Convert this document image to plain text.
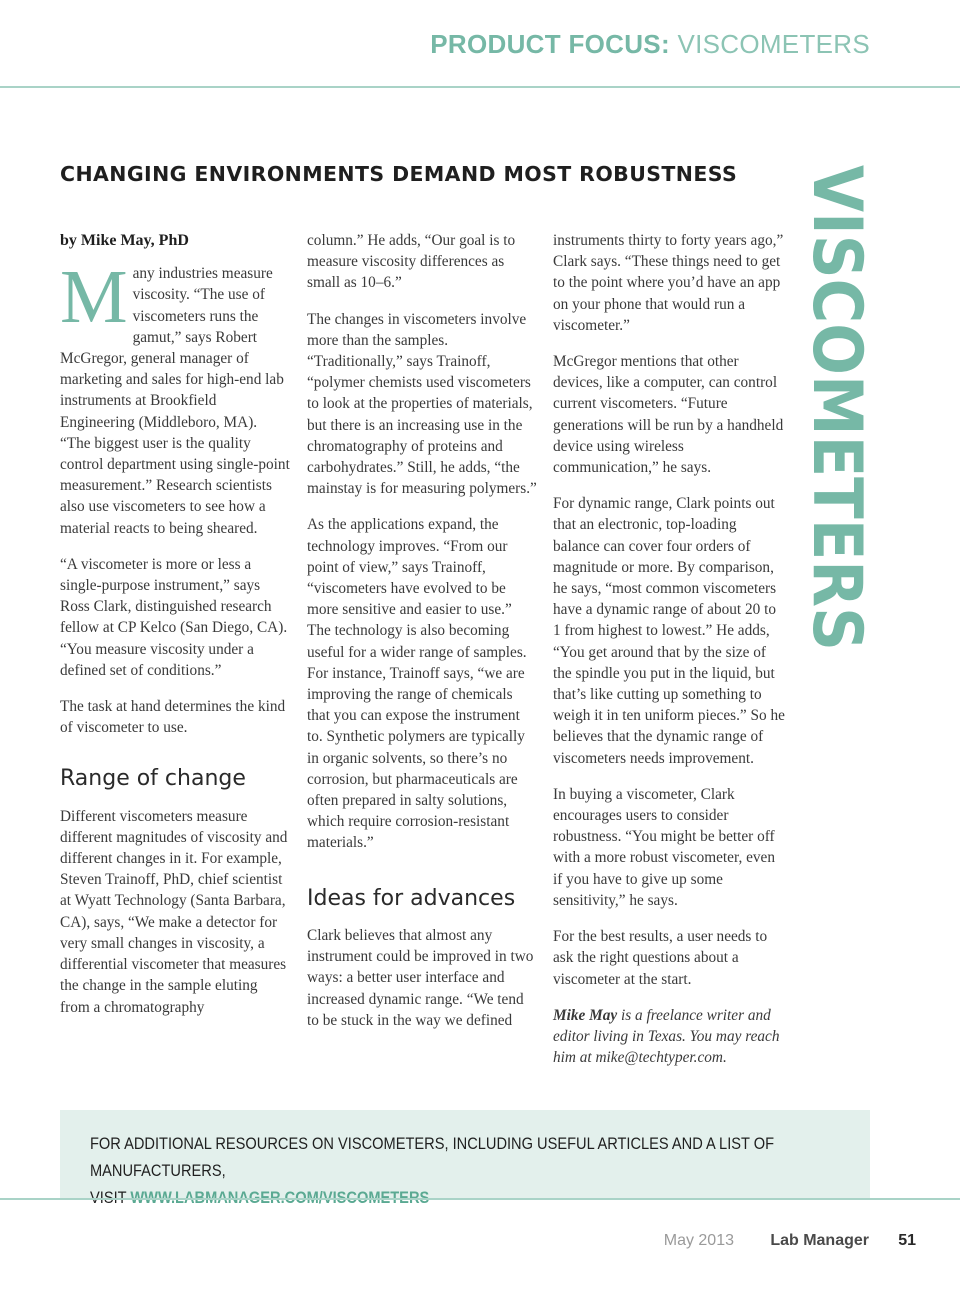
PRODUCT FOCUS: VISCOMETERS
CHANGING ENVIRONMENTS DEMAND MOST ROBUSTNESS VISCOMETERS

by Mike May, PhD

Many industries measure viscosity. “The use of viscometers runs the gamut,” says Robert McGregor, general manager of marketing and sales for high-end lab instruments at Brookfield Engineering (Middleboro, MA). “The biggest user is the quality control department using single-point measurement.” Research scientists also use viscometers to see how a material reacts to being sheared.

“A viscometer is more or less a single-purpose instrument,” says Ross Clark, distinguished research fellow at CP Kelco (San Diego, CA). “You measure viscosity under a defined set of conditions.”

The task at hand determines the kind of viscometer to use.

Range of change

Different viscometers measure different magnitudes of viscosity and different changes in it. For example, Steven Trainoff, PhD, chief scientist at Wyatt Technology (Santa Barbara, CA), says, “We make a detector for very small changes in viscosity, a differential viscometer that measures the change in the sample eluting from a chromatography

column.” He adds, “Our goal is to measure viscosity differences as small as 10–6.”

The changes in viscometers involve more than the samples. “Traditionally,” says Trainoff, “polymer chemists used viscometers to look at the properties of materials, but there is an increasing use in the chromatography of proteins and carbohydrates.” Still, he adds, “the mainstay is for measuring polymers.”

As the applications expand, the technology improves. “From our point of view,” says Trainoff, “viscometers have evolved to be more sensitive and easier to use.” The technology is also becoming useful for a wider range of samples. For instance, Trainoff says, “we are improving the range of chemicals that you can expose the instrument to. Synthetic polymers are typically in organic solvents, so there’s no corrosion, but pharmaceuticals are often prepared in salty solutions, which require corrosion-resistant materials.”

Ideas for advances

Clark believes that almost any instrument could be improved in two ways: a better user interface and increased dynamic range. “We tend to be stuck in the way we defined

instruments thirty to forty years ago,” Clark says. “These things need to get to the point where you’d have an app on your phone that would run a viscometer.”

McGregor mentions that other devices, like a computer, can control current viscometers. “Future generations will be run by a handheld device using wireless communication,” he says.

For dynamic range, Clark points out that an electronic, top-loading balance can cover four orders of magnitude or more. By comparison, he says, “most common viscometers have a dynamic range of about 20 to 1 from highest to lowest.” He adds, “You get around that by the size of the spindle you put in the liquid, but that’s like cutting up something to weigh it in ten uniform pieces.” So he believes that the dynamic range of viscometers needs improvement.

In buying a viscometer, Clark encourages users to consider robustness. “You might be better off with a more robust viscometer, even if you have to give up some sensitivity,” he says.

For the best results, a user needs to ask the right questions about a viscometer at the start.

Mike May is a freelance writer and editor living in Texas. You may reach him at mike@techtyper.com.

FOR ADDITIONAL RESOURCES ON VISCOMETERS, INCLUDING USEFUL ARTICLES AND A LIST OF MANUFACTURERS,
May 2013 Lab Manager 51
